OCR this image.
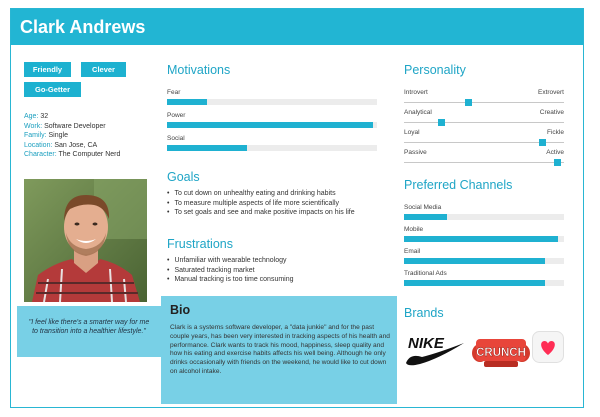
Clark Andrews
Friendly	Clever
Go-Getter
Age: 32
Work: Software Developer
Family: Single
Location: San Jose, CA
Character: The Computer Nerd
"I feel like there's a smarter way for me to transition into a healthier lifestyle."
Motivations
Fear
Power
Social
Goals
• To cut down on unhealthy eating and drinking habits
• To measure multiple aspects of life more scientifically
• To set goals and see and make positive impacts on his life
Frustrations
• Unfamiliar with wearable technology
• Saturated tracking market
• Manual tracking is too time consuming
Bio
Clark is a systems software developer, a "data junkie" and for the past couple years, has been very interested in tracking aspects of his health and performance. Clark wants to track his mood, happiness, sleep quality and how his eating and exercise habits affects his well being. Although he only drinks occasionally with friends on the weekend, he would like to cut down on alcohol intake.
Personality
Introvert	Extrovert
Analytical	Creative
Loyal	Fickle
Passive	Active
Preferred Channels
Social Media
Mobile
Email
Traditional Ads
Brands
NIKE
CRUNCH
